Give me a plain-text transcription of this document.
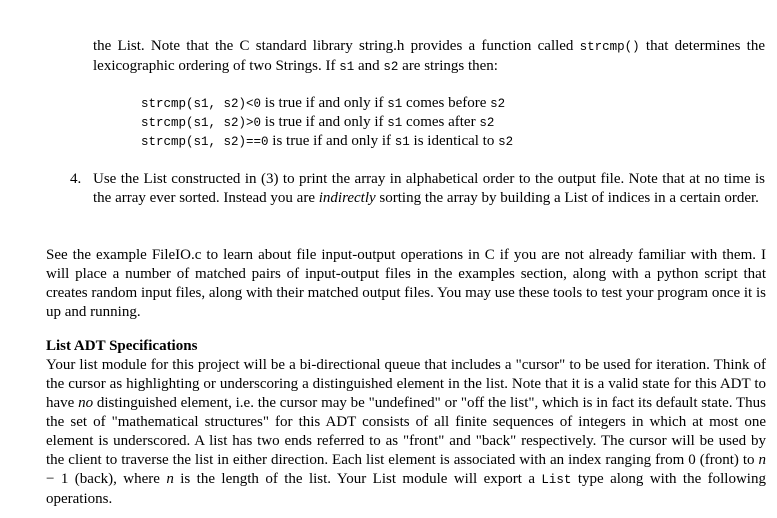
the List. Note that the C standard library string.h provides a function called strcmp() that determines the lexicographic ordering of two Strings. If s1 and s2 are strings then:
strcmp(s1, s2)<0 is true if and only if s1 comes before s2
strcmp(s1, s2)>0 is true if and only if s1 comes after s2
strcmp(s1, s2)==0 is true if and only if s1 is identical to s2
4. Use the List constructed in (3) to print the array in alphabetical order to the output file. Note that at no time is the array ever sorted. Instead you are indirectly sorting the array by building a List of indices in a certain order.
See the example FileIO.c to learn about file input-output operations in C if you are not already familiar with them. I will place a number of matched pairs of input-output files in the examples section, along with a python script that creates random input files, along with their matched output files. You may use these tools to test your program once it is up and running.
List ADT Specifications
Your list module for this project will be a bi-directional queue that includes a "cursor" to be used for iteration. Think of the cursor as highlighting or underscoring a distinguished element in the list. Note that it is a valid state for this ADT to have no distinguished element, i.e. the cursor may be "undefined" or "off the list", which is in fact its default state. Thus the set of "mathematical structures" for this ADT consists of all finite sequences of integers in which at most one element is underscored. A list has two ends referred to as "front" and "back" respectively. The cursor will be used by the client to traverse the list in either direction. Each list element is associated with an index ranging from 0 (front) to n − 1 (back), where n is the length of the list. Your List module will export a List type along with the following operations.
